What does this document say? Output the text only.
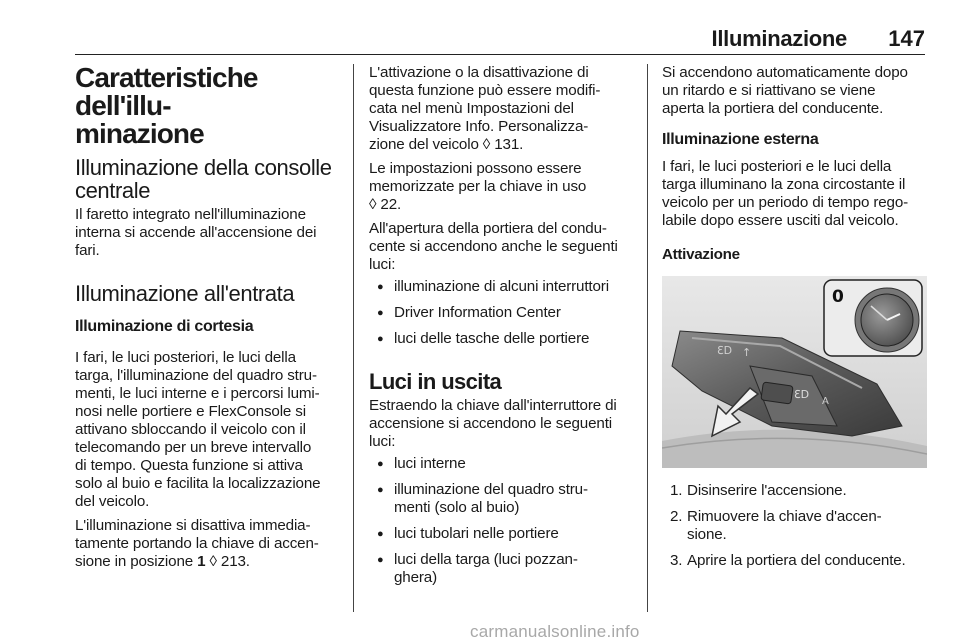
Illuminazione 147
Caratteristiche dell'illu-
minazione
Illuminazione della consolle
centrale

Il faretto integrato nell'illuminazione
interna si accende all'accensione dei
fari.

Illuminazione all'entrata
Illuminazione di cortesia

I fari, le luci posteriori, le luci della
targa, l'illuminazione del quadro stru-
menti, le luci interne e i percorsi lumi-
nosi nelle portiere e FlexConsole si
attivano sbloccando il veicolo con il
telecomando per un breve intervallo
di tempo. Questa funzione si attiva
solo al buio e facilita la localizzazione
del veicolo.

L'illuminazione si disattiva immedia-
tamente portando la chiave di accen-
sione in posizione 1 ◊ 213.

L'attivazione o la disattivazione di
questa funzione può essere modifi-
cata nel menù Impostazioni del
Visualizzatore Info. Personalizza-
zione del veicolo ◊ 131.

Le impostazioni possono essere
memorizzate per la chiave in uso
◊ 22.

All'apertura della portiera del condu-
cente si accendono anche le seguenti
luci:

● illuminazione di alcuni interruttori
● Driver Information Center
● luci delle tasche delle portiere
Luci in uscita

Estraendo la chiave dall'interruttore di
accensione si accendono le seguenti
luci:

● luci interne
● illuminazione del quadro stru-
menti (solo al buio)
● luci tubolari nelle portiere
● luci della targa (luci pozzan-
ghera)

Si accendono automaticamente dopo
un ritardo e si riattivano se viene
aperta la portiera del conducente.

Illuminazione esterna

I fari, le luci posteriori e le luci della
targa illuminano la zona circostante il
veicolo per un periodo di tempo rego-
labile dopo essere usciti dal veicolo.

Attivazione
ℇD
ℇD ↑
A
0
1. Disinserire l'accensione.
2. Rimuovere la chiave d'accen-
sione.
3. Aprire la portiera del conducente.
carmanualsonline.info
